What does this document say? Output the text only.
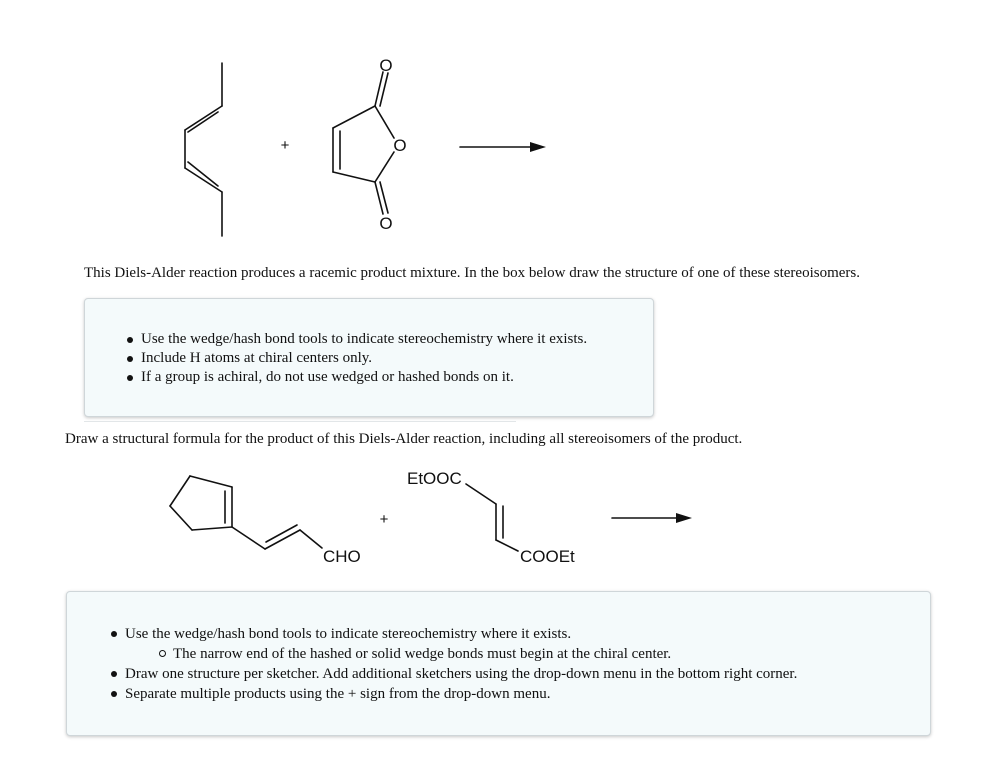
+
O
O
O
This Diels-Alder reaction produces a racemic product mixture. In the box below draw the structure of one of these stereoisomers.
Use the wedge/hash bond tools to indicate stereochemistry where it exists.
Include H atoms at chiral centers only.
If a group is achiral, do not use wedged or hashed bonds on it.
Draw a structural formula for the product of this Diels-Alder reaction, including all stereoisomers of the product.
CHO
+
EtOOC
COOEt
Use the wedge/hash bond tools to indicate stereochemistry where it exists.
The narrow end of the hashed or solid wedge bonds must begin at the chiral center.
Draw one structure per sketcher. Add additional sketchers using the drop-down menu in the bottom right corner.
Separate multiple products using the + sign from the drop-down menu.
